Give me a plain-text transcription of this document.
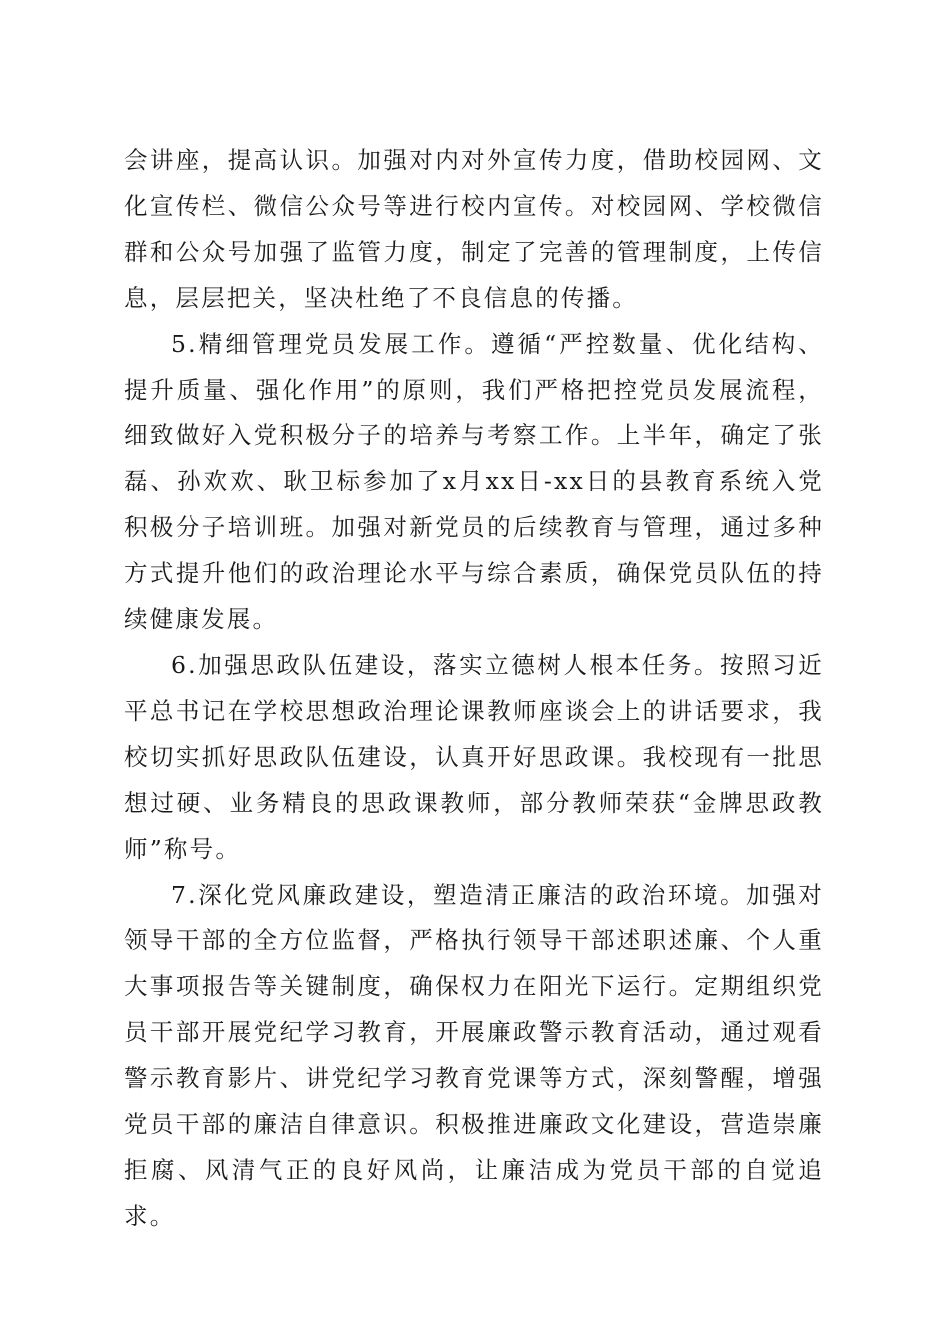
会讲座，提高认识。加强对内对外宣传力度，借助校园网、文化宣传栏、微信公众号等进行校内宣传。对校园网、学校微信群和公众号加强了监管力度，制定了完善的管理制度，上传信息，层层把关，坚决杜绝了不良信息的传播。

5.精细管理党员发展工作。遵循“严控数量、优化结构、提升质量、强化作用”的原则，我们严格把控党员发展流程，细致做好入党积极分子的培养与考察工作。上半年，确定了张磊、孙欢欢、耿卫标参加了x月xx日-xx日的县教育系统入党积极分子培训班。加强对新党员的后续教育与管理，通过多种方式提升他们的政治理论水平与综合素质，确保党员队伍的持续健康发展。

6.加强思政队伍建设，落实立德树人根本任务。按照习近平总书记在学校思想政治理论课教师座谈会上的讲话要求，我校切实抓好思政队伍建设，认真开好思政课。我校现有一批思想过硬、业务精良的思政课教师，部分教师荣获“金牌思政教师”称号。

7.深化党风廉政建设，塑造清正廉洁的政治环境。加强对领导干部的全方位监督，严格执行领导干部述职述廉、个人重大事项报告等关键制度，确保权力在阳光下运行。定期组织党员干部开展党纪学习教育，开展廉政警示教育活动，通过观看警示教育影片、讲党纪学习教育党课等方式，深刻警醒，增强党员干部的廉洁自律意识。积极推进廉政文化建设，营造崇廉拒腐、风清气正的良好风尚，让廉洁成为党员干部的自觉追求。
